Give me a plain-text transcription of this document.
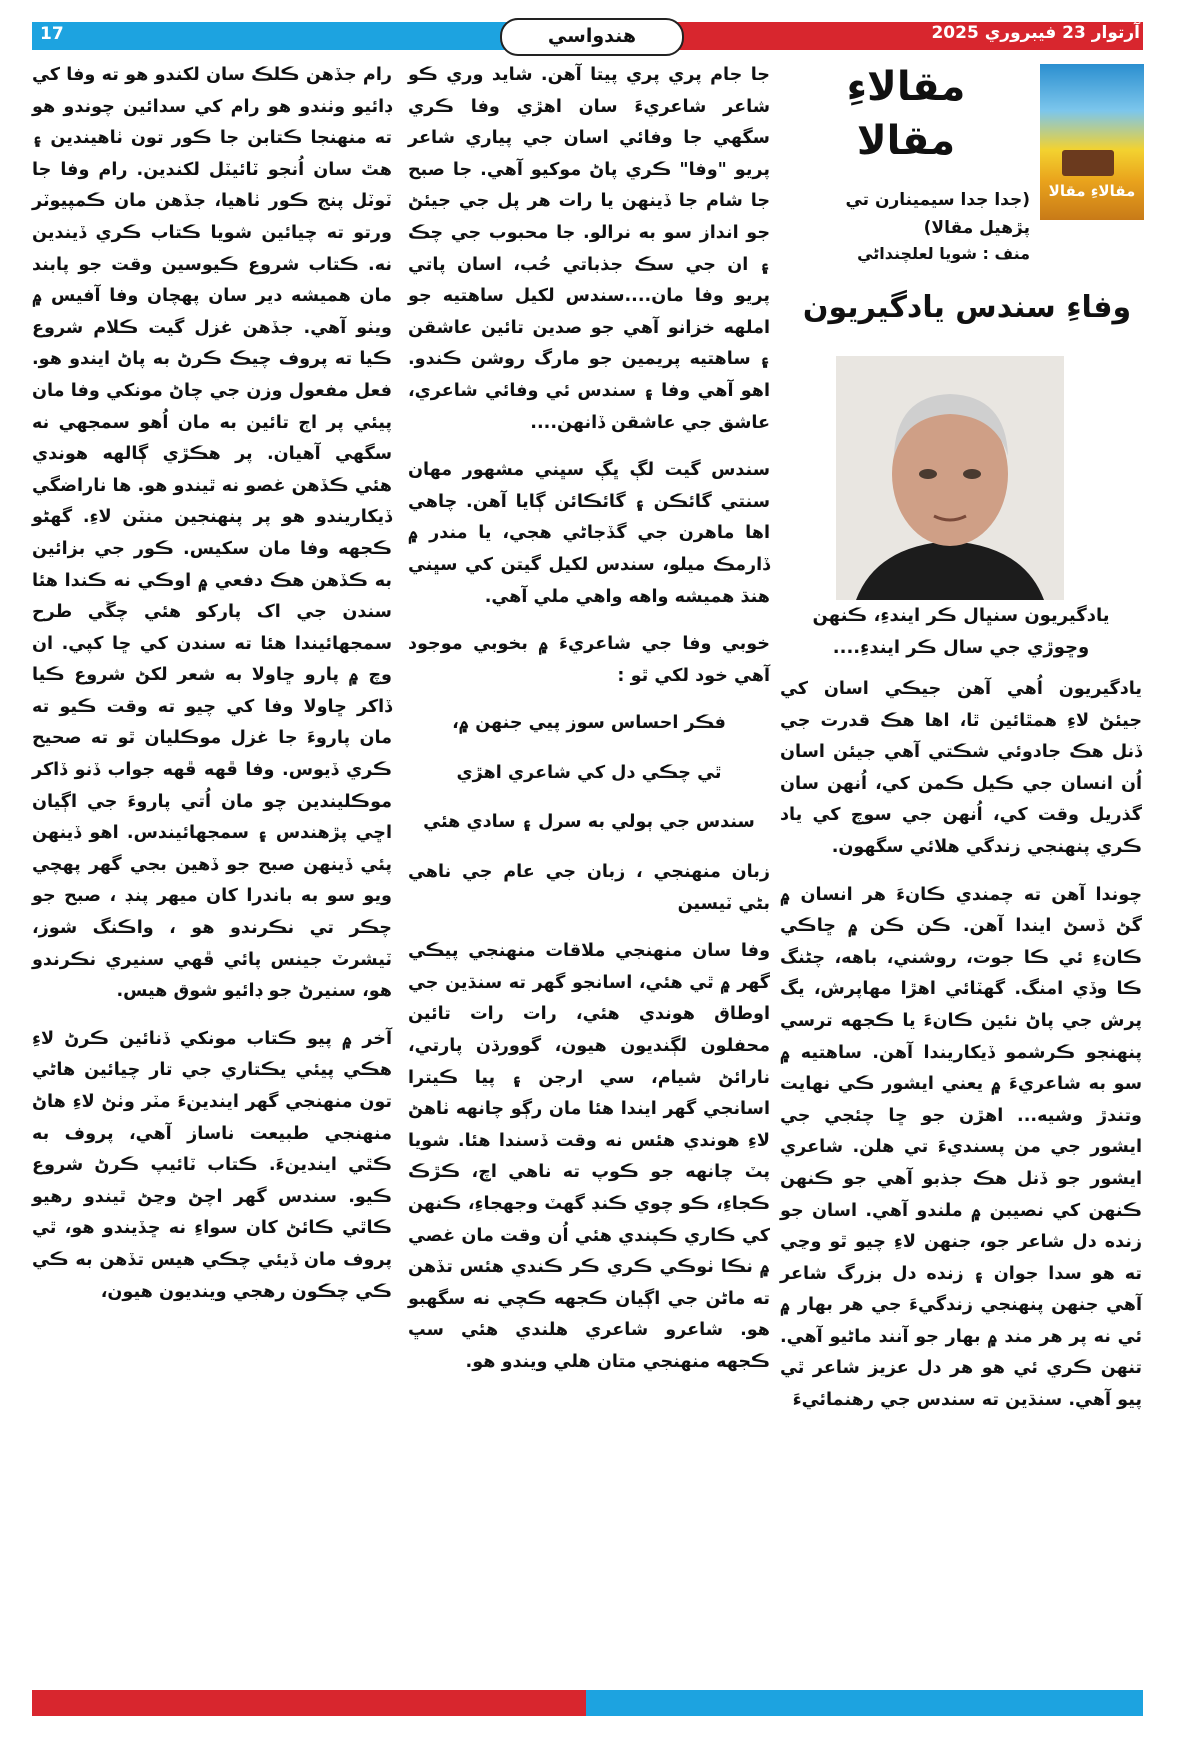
17	هندواسي	آرتوار 23 فيبروري 2025
مقالاءِ مقالا
مقالاءِ
مقالا
(جدا جدا سيمينارن تي پڙهيل مقالا)
منف : شويا لعلچنداڻي
وفاءِ سندس يادگيريون
يادگيريون سنڀال ڪر ايندءِ، ڪنهن وڇوڙي جي سال ڪر ايندءِ....

يادگيريون اُهي آهن جيڪي اسان کي جيئڻ لاءِ همٿائين ٿا، اها هڪ قدرت جي ڏنل هڪ جادوئي شڪتي آهي جيئن اسان اُن انسان جي ڪيل ڪمن کي، اُنهن سان گذريل وقت کي، اُنهن جي سوچ کي ياد ڪري پنهنجي زندگي هلائي سگهون.

چوندا آهن ته چمندي ڪانءَ هر انسان ۾ گڻ ڏسڻ ايندا آهن. ڪن ڪن ۾ ڇاڪي ڪانءِ ئي ڪا جوت، روشني، باهه، چڻنگ ڪا وڏي امنگ. گهٽائي اهڙا مهاپرش، يگ پرش جي پاڻ نئين ڪانءَ يا ڪجهه ترسي پنهنجو ڪرشمو ڏيکاريندا آهن. ساهتيه ۾ سو به شاعريءَ ۾ يعني ايشور ڪي نهايت وتندڙ وشيه... اهڙن جو ڇا چئجي جي ايشور جي من پسنديءَ تي هلن. شاعري ايشور جو ڏنل هڪ جذبو آهي جو ڪنهن ڪنهن کي نصيبن ۾ ملندو آهي. اسان جو زنده دل شاعر جو، جنهن لاءِ چيو ٿو وڃي ته هو سدا جوان ۽ زنده دل بزرگ شاعر آهي جنهن پنهنجي زندگيءَ جي هر بهار ۾ ئي نه پر هر مند ۾ بهار جو آنند ماڻيو آهي. تنهن ڪري ئي هو هر دل عزيز شاعر ٿي پيو آهي. سنڌين ته سندس جي رهنمائيءَ

جا جام پري پري پيتا آهن. شايد وري ڪو شاعر شاعريءَ سان اهڙي وفا ڪري سگهي جا وفائي اسان جي پياري شاعر پريو "وفا" ڪري پاڻ موکيو آهي. جا صبح جا شام جا ڏينهن يا رات هر پل جي جيئڻ جو انداز سو به نرالو. جا محبوب جي چڪ ۽ ان جي سڪ جذباتي حُب، اسان پاتي پريو وفا مان....سندس لکيل ساهتيه جو املهه خزانو آهي جو صدين تائين عاشقن ۽ ساهتيه پريمين جو مارگ روشن ڪندو. اهو آهي وفا ۽ سندس ئي وفائي شاعري، عاشق جي عاشقن ڏانهن....

سندس گيت لڳ ڀڳ سڀني مشهور مهان سنتي گائڪن ۽ گائڪائن ڳايا آهن. چاهي اها ماهرن جي گڏجاڻي هجي، يا مندر ۾ ڏارمڪ ميلو، سندس لکيل گيتن کي سڀني هنڌ هميشه واهه واهي ملي آهي.

خوبي وفا جي شاعريءَ ۾ بخوبي موجود آهي خود لکي ٿو :

فڪر احساس سوز پيي جنهن ۾،
ٿي چڪي دل کي شاعري اهڙي
سندس جي ٻولي به سرل ۽ سادي هئي

زبان منهنجي ، زبان جي عام جي ناهي بڻي ٽيسين

وفا سان منهنجي ملاقات منهنجي پيڪي گهر ۾ ٿي هئي، اسانجو گهر ته سنڌين جي اوطاق هوندي هئي، رات رات تائين محفلون لڳنديون هيون، گوورڌن پارتي، نارائڻ شيام، سي ارجن ۽ پيا ڪيترا اسانجي گهر ايندا هئا مان رڳو چانهه ٺاهڻ لاءِ هوندي هئس نه وقت ڏسندا هئا. شويا پٽ چانهه جو ڪوپ ته ناهي اچ، ڪڙڪ ڪجاءِ، ڪو چوي ڪنڊ گهٽ وجهجاءِ، ڪنهن کي ڪاري ڪپندي هئي اُن وقت مان غصي ۾ نڪا ٺوڪي ڪري ڪر ڪندي هئس تڏهن ته ماڻن جي اڳيان ڪجهه ڪچي نه سگهبو هو. شاعرو شاعري هلندي هئي سڀ ڪجهه منهنجي متان هلي ويندو هو.

رام جڏهن ڪلڪ سان لکندو هو ته وفا کي ڊائيو وٺندو هو رام کي سدائين چوندو هو ته منهنجا ڪتابن جا ڪور تون ٺاهيندين ۽ هٿ سان اُنجو ٽائيٽل لکندين. رام وفا جا ٽوٽل پنج ڪور ٺاهيا، جڏهن مان ڪمپيوٽر ورتو ته چيائين شويا ڪتاب ڪري ڏيندين نه. ڪتاب شروع ڪيوسين وقت جو پابند مان هميشه دير سان پهچان وفا آفيس ۾ ويٺو آهي. جڏهن غزل گيت ڪلام شروع ڪيا ته پروف چيڪ ڪرڻ به پاڻ ايندو هو. فعل مفعول وزن جي چاڻ مونکي وفا مان پيئي پر اڄ تائين به مان اُهو سمجهي نه سگهي آهيان. پر هڪڙي ڳالهه هوندي هئي ڪڏهن غصو نه ٿيندو هو. ها ناراضگي ڏيکاريندو هو پر پنهنجين منٽن لاءِ. گهڻو ڪجهه وفا مان سکيس. ڪور جي بزائين به ڪڏهن هڪ دفعي ۾ اوڪي نه ڪندا هئا سندن جي اک پارکو هئي چڱي طرح سمجهائيندا هئا ته سندن کي ڇا کپي. ان وچ ۾ پارو ڇاولا به شعر لکڻ شروع ڪيا ڏاکر ڇاولا وفا کي چيو ته وقت ڪيو ته مان پاروءَ جا غزل موڪليان ٿو ته صحيح ڪري ڏيوس. وفا ڦهه ڦهه جواب ڏنو ڏاکر موڪليندين چو مان اُتي پاروءَ جي اڳيان اڇي پڙهندس ۽ سمجهائيندس. اهو ڏينهن پئي ڏينهن صبح جو ڏهين بجي گهر پهچي ويو سو به باندرا کان ميهر پنڊ ، صبح جو چڪر تي نڪرندو هو ، واڪنگ شوز، ٽيشرٽ جينس پائي ڦهي سنيري نڪرندو هو، سنيرڻ جو ڊائيو شوق هيس.

آخر ۾ پيو ڪتاب مونکي ڏنائين ڪرڻ لاءِ هڪي پيئي يڪتاري جي تار چيائين هاڻي تون منهنجي گهر ايندينءَ مٽر وٺڻ لاءِ هاڻ منهنجي طبيعت ناساز آهي، پروف به ڪٿي ايندينءَ. ڪتاب ٽائيپ ڪرڻ شروع ڪيو. سندس گهر اچڻ وڃڻ ٿيندو رهيو ڪاٿي ڪائڻ کان سواءِ نه ڇڏيندو هو، ٿي پروف مان ڏيئي چڪي هيس تڏهن به ڪي ڪي چڪون رهجي وينديون هيون،
